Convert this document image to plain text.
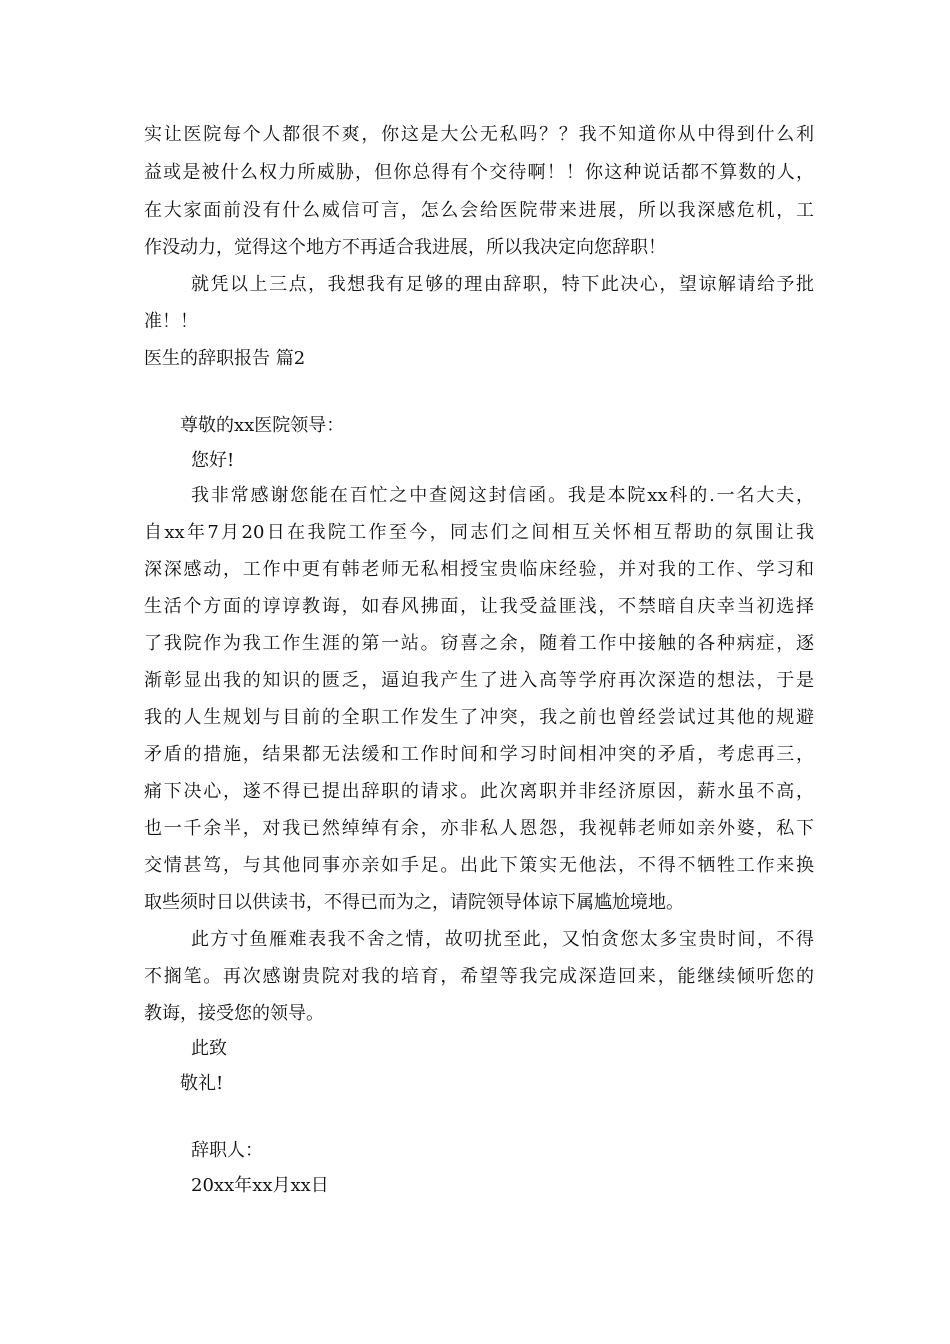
实让医院每个人都很不爽，你这是大公无私吗？？我不知道你从中得到什么利
益或是被什么权力所威胁，但你总得有个交待啊！！你这种说话都不算数的人，
在大家面前没有什么威信可言，怎么会给医院带来进展，所以我深感危机，工
作没动力，觉得这个地方不再适合我进展，所以我决定向您辞职！
就凭以上三点，我想我有足够的理由辞职，特下此决心，望谅解请给予批
准！！
医生的辞职报告 篇2
尊敬的xx医院领导：
您好!
我非常感谢您能在百忙之中查阅这封信函。我是本院xx科的.一名大夫，
自xx年7月20日在我院工作至今，同志们之间相互关怀相互帮助的氛围让我
深深感动，工作中更有韩老师无私相授宝贵临床经验，并对我的工作、学习和
生活个方面的谆谆教诲，如春风拂面，让我受益匪浅，不禁暗自庆幸当初选择
了我院作为我工作生涯的第一站。窃喜之余，随着工作中接触的各种病症，逐
渐彰显出我的知识的匮乏，逼迫我产生了进入高等学府再次深造的想法，于是
我的人生规划与目前的全职工作发生了冲突，我之前也曾经尝试过其他的规避
矛盾的措施，结果都无法缓和工作时间和学习时间相冲突的矛盾，考虑再三，
痛下决心，遂不得已提出辞职的请求。此次离职并非经济原因，薪水虽不高，
也一千余半，对我已然绰绰有余，亦非私人恩怨，我视韩老师如亲外婆，私下
交情甚笃，与其他同事亦亲如手足。出此下策实无他法，不得不牺牲工作来换
取些须时日以供读书，不得已而为之，请院领导体谅下属尴尬境地。
此方寸鱼雁难表我不舍之情，故叨扰至此，又怕贪您太多宝贵时间，不得
不搁笔。再次感谢贵院对我的培育，希望等我完成深造回来，能继续倾听您的
教诲，接受您的领导。
此致
敬礼!
辞职人：
20xx年xx月xx日
